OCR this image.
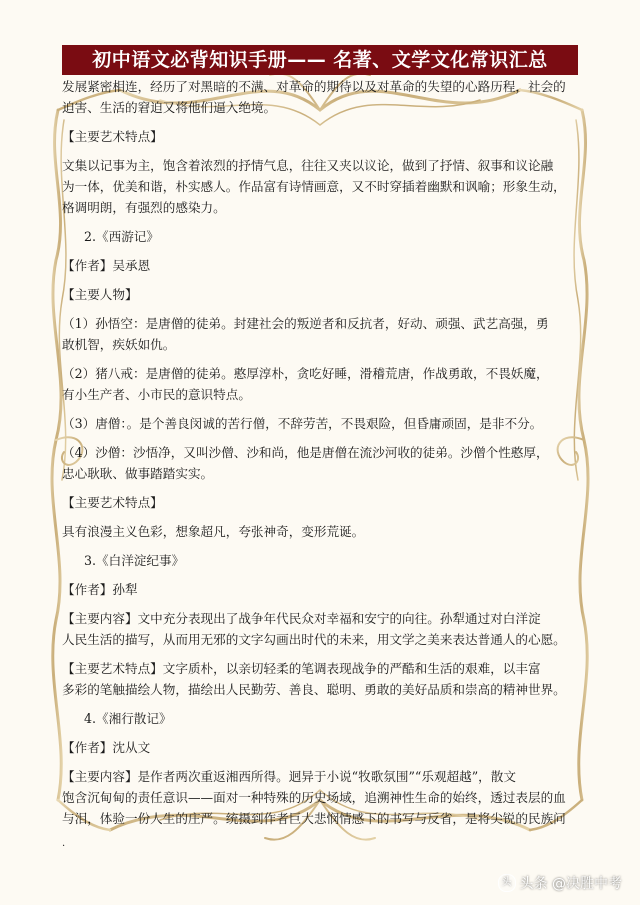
初中语文必背知识手册—— 名著、文学文化常识汇总

发展紧密相连，经历了对黑暗的不满、对革命的期待以及对革命的失望的心路历程，社会的

迫害、生活的窘迫又将他们逼入绝境。

【主要艺术特点】

文集以记事为主，饱含着浓烈的抒情气息，往往又夹以议论，做到了抒情、叙事和议论融

为一体，优美和谐，朴实感人。作品富有诗情画意，又不时穿插着幽默和讽喻；形象生动，

格调明朗，有强烈的感染力。

2.《西游记》

【作者】吴承恩

【主要人物】

（1）孙悟空：是唐僧的徒弟。封建社会的叛逆者和反抗者，好动、顽强、武艺高强，勇

敢机智，疾妖如仇。

（2）猪八戒：是唐僧的徒弟。憨厚淳朴，贪吃好睡，滑稽荒唐，作战勇敢，不畏妖魔，

有小生产者、小市民的意识特点。

（3）唐僧：。是个善良闵诚的苦行僧，不辞劳苦，不畏艰险，但昏庸顽固，是非不分。

（4）沙僧：沙悟净，又叫沙僧、沙和尚，他是唐僧在流沙河收的徒弟。沙僧个性憨厚，

忠心耿耿、做事踏踏实实。

【主要艺术特点】

具有浪漫主义色彩，想象超凡，夸张神奇，变形荒诞。

3.《白洋淀纪事》

【作者】孙犁

【主要内容】文中充分表现出了战争年代民众对幸福和安宁的向往。孙犁通过对白洋淀

人民生活的描写，从而用无邪的文字勾画出时代的未来，用文学之美来表达普通人的心愿。

【主要艺术特点】文字质朴，以亲切轻柔的笔调表现战争的严酷和生活的艰难，以丰富

多彩的笔触描绘人物，描绘出人民勤劳、善良、聪明、勇敢的美好品质和崇高的精神世界。

4.《湘行散记》

【作者】沈从文

【主要内容】是作者两次重返湘西所得。迥异于小说“牧歌氛围”“乐观超越”，散文

饱含沉甸甸的责任意识——面对一种特殊的历史场域，追溯神性生命的始终，透过表层的血

与泪，体验一份人生的庄严。统摄到作者巨大悲悯情感下的书写与反省，是将尖锐的民族问

.
头 头条 @决胜中考
